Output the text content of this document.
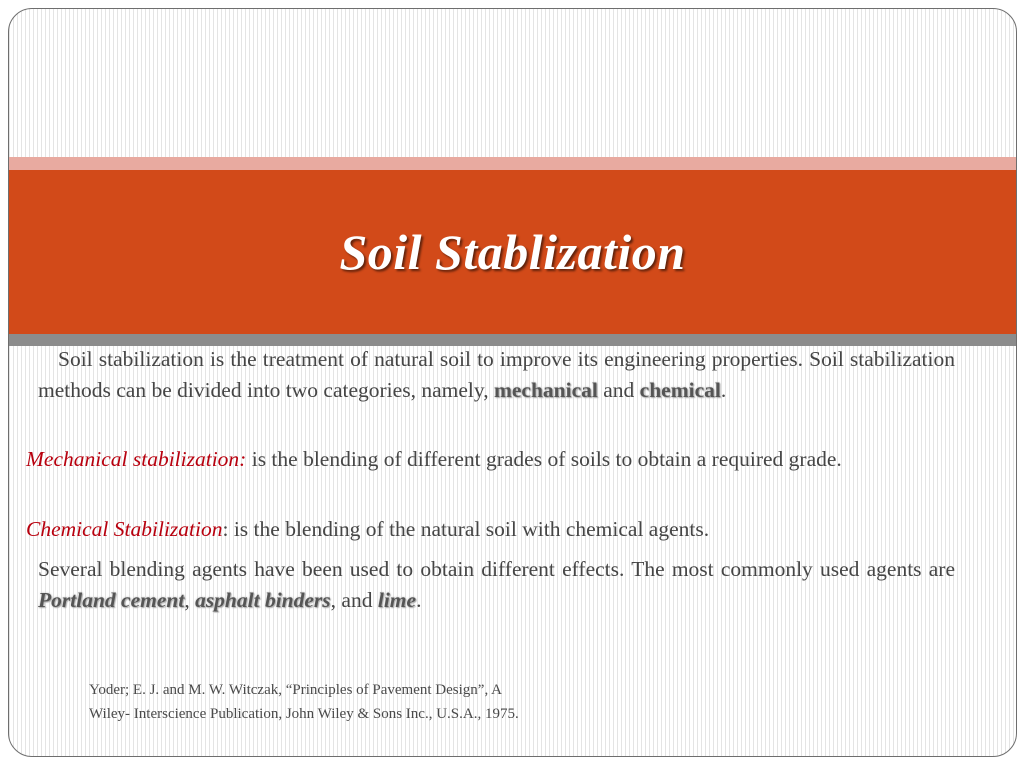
Soil Stablization

Soil stabilization is the treatment of natural soil to improve its engineering properties. Soil stabilization methods can be divided into two categories, namely, mechanical and chemical.

Mechanical stabilization: is the blending of different grades of soils to obtain a required grade.

Chemical Stabilization: is the blending of the natural soil with chemical agents.

Several blending agents have been used to obtain different effects. The most commonly used agents are Portland cement, asphalt binders, and lime.

Yoder; E. J. and M. W. Witczak, “Principles of Pavement Design”, A
Wiley- Interscience Publication, John Wiley & Sons Inc., U.S.A., 1975.
